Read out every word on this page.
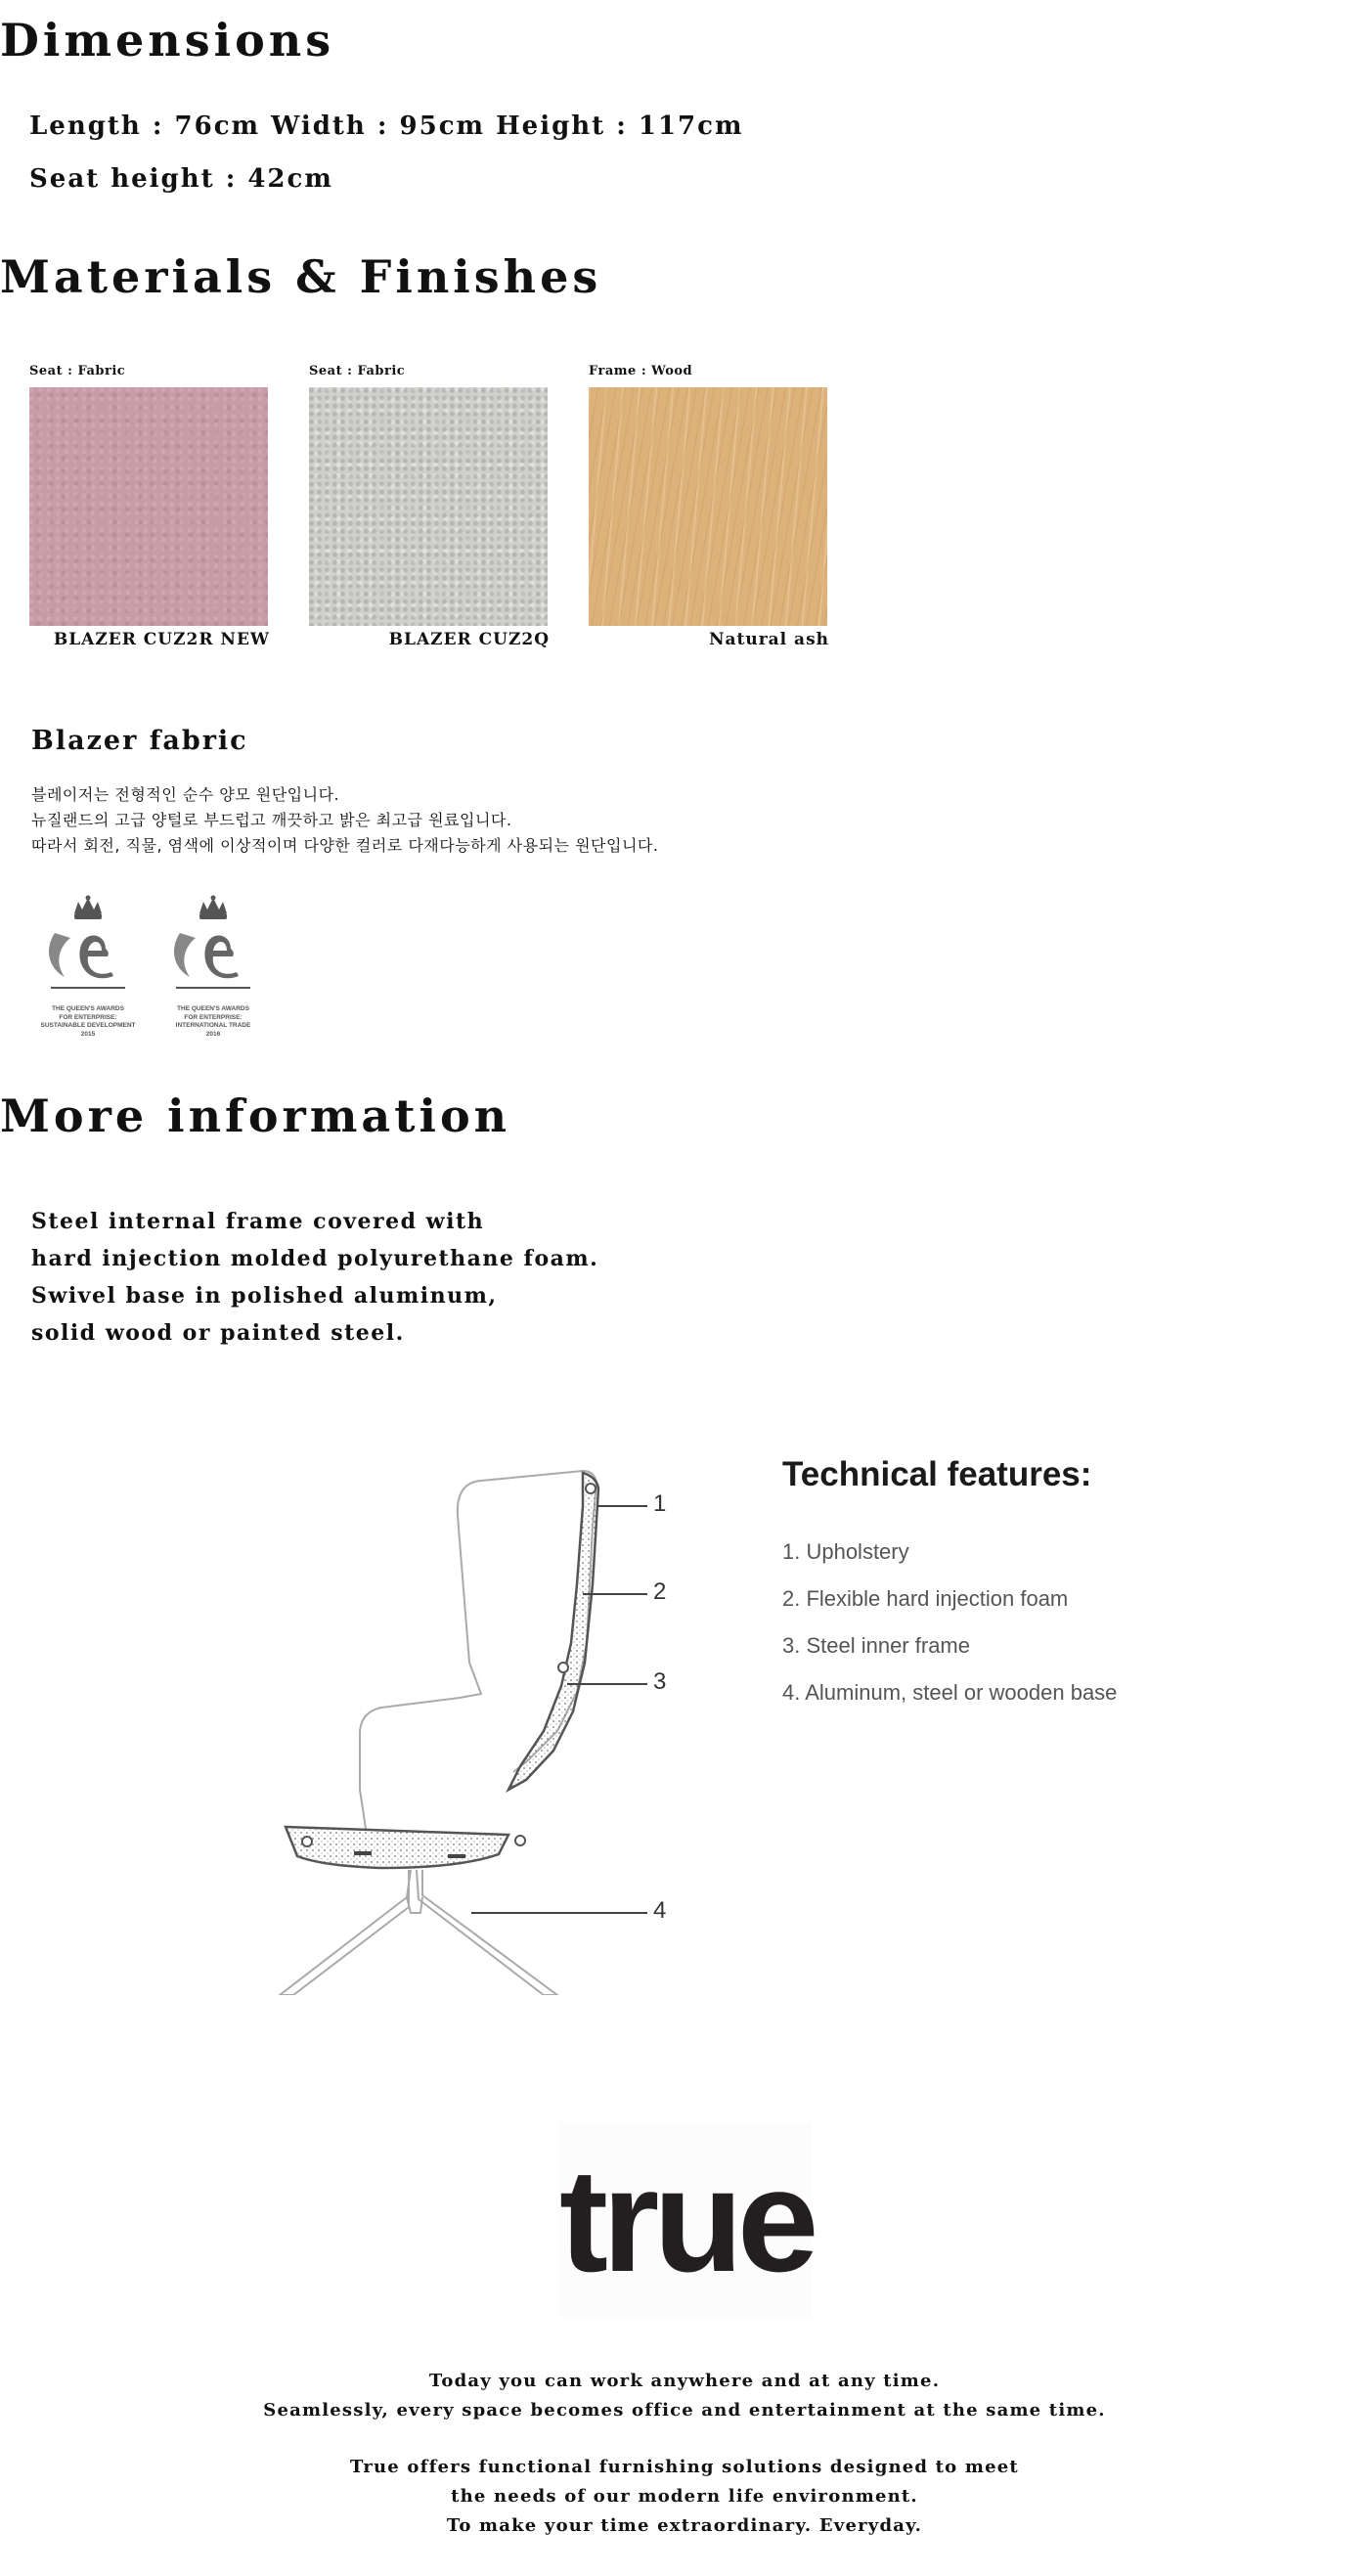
Dimensions
Length : 76cm Width : 95cm Height : 117cm
Seat height : 42cm
Materials & Finishes
Seat : Fabric
BLAZER CUZ2R NEW
Seat : Fabric
BLAZER CUZ2Q
Frame : Wood
Natural ash
Blazer fabric
블레이저는 전형적인 순수 양모 원단입니다.
뉴질랜드의 고급 양털로 부드럽고 깨끗하고 밝은 최고급 원료입니다.
따라서 회전, 직물, 염색에 이상적이며 다양한 컬러로 다재다능하게 사용되는 원단입니다.
THE QUEEN'S AWARDS
FOR ENTERPRISE:
SUSTAINABLE DEVELOPMENT
2015
THE QUEEN'S AWARDS
FOR ENTERPRISE:
INTERNATIONAL TRADE
2016
More information
Steel internal frame covered with
hard injection molded polyurethane foam.
Swivel base in polished aluminum,
solid wood or painted steel.
1
2
3
4
Technical features:
1. Upholstery
2. Flexible hard injection foam
3. Steel inner frame
4. Aluminum, steel or wooden base
true
Today you can work anywhere and at any time.
Seamlessly, every space becomes office and entertainment at the same time.
True offers functional furnishing solutions designed to meet
the needs of our modern life environment.
To make your time extraordinary. Everyday.
